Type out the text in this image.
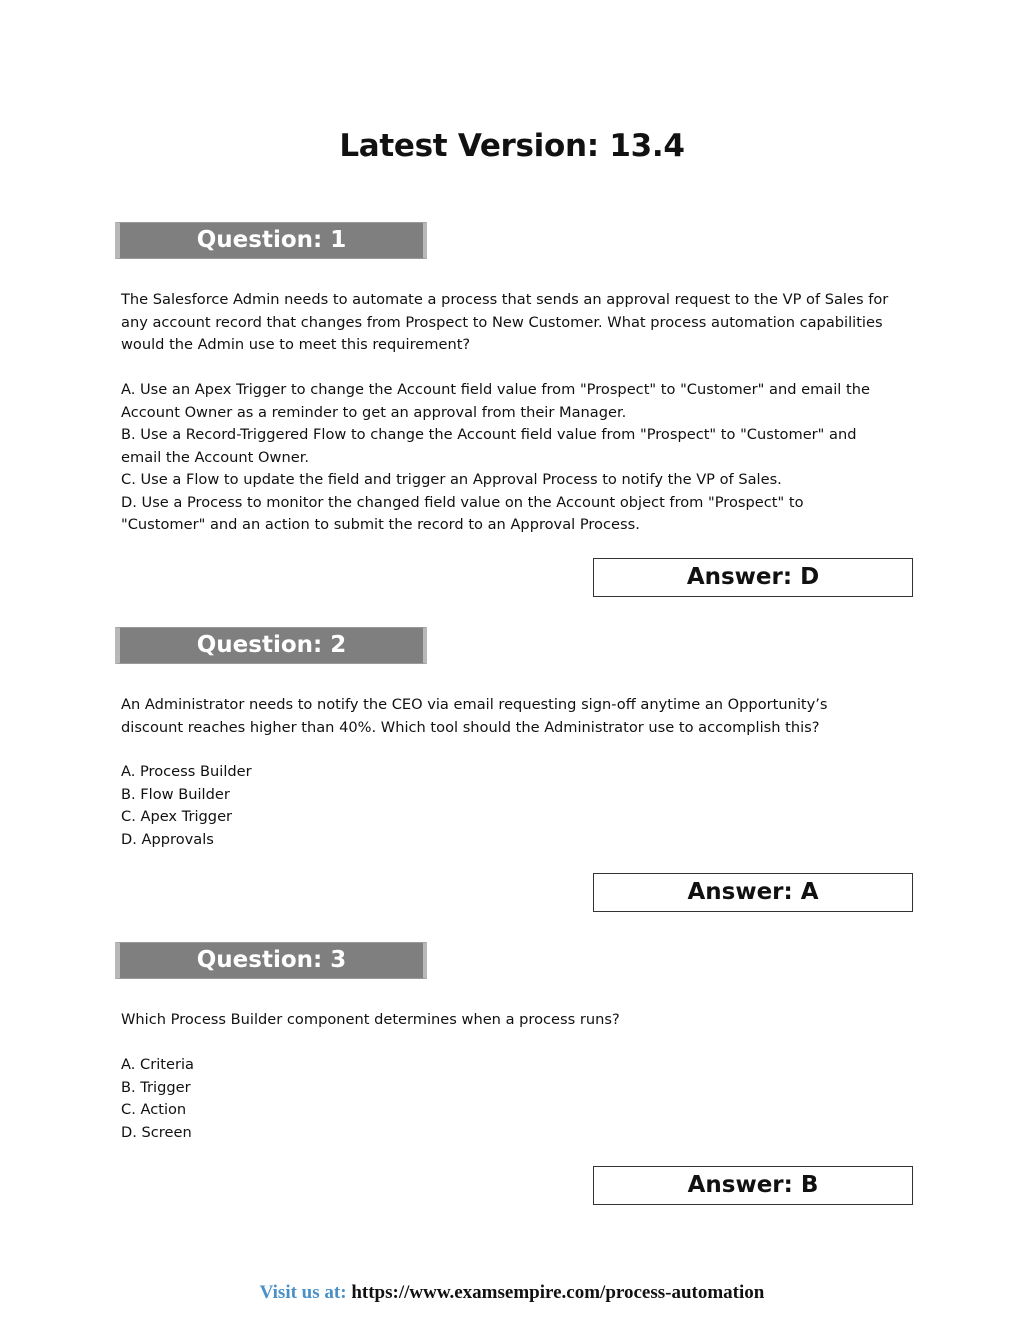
Latest Version: 13.4
Question: 1

The Salesforce Admin needs to automate a process that sends an approval request to the VP of Sales for

any account record that changes from Prospect to New Customer. What process automation capabilities

would the Admin use to meet this requirement?

A. Use an Apex Trigger to change the Account field value from "Prospect" to "Customer" and email the

Account Owner as a reminder to get an approval from their Manager.

B. Use a Record-Triggered Flow to change the Account field value from "Prospect" to "Customer" and

email the Account Owner.

C. Use a Flow to update the field and trigger an Approval Process to notify the VP of Sales.

D. Use a Process to monitor the changed field value on the Account object from "Prospect" to

"Customer" and an action to submit the record to an Approval Process.

Answer: D
Question: 2

An Administrator needs to notify the CEO via email requesting sign-off anytime an Opportunity’s

discount reaches higher than 40%. Which tool should the Administrator use to accomplish this?

A. Process Builder

B. Flow Builder

C. Apex Trigger

D. Approvals

Answer: A
Question: 3

Which Process Builder component determines when a process runs?

A. Criteria

B. Trigger

C. Action

D. Screen

Answer: B
Visit us at: https://www.examsempire.com/process-automation
